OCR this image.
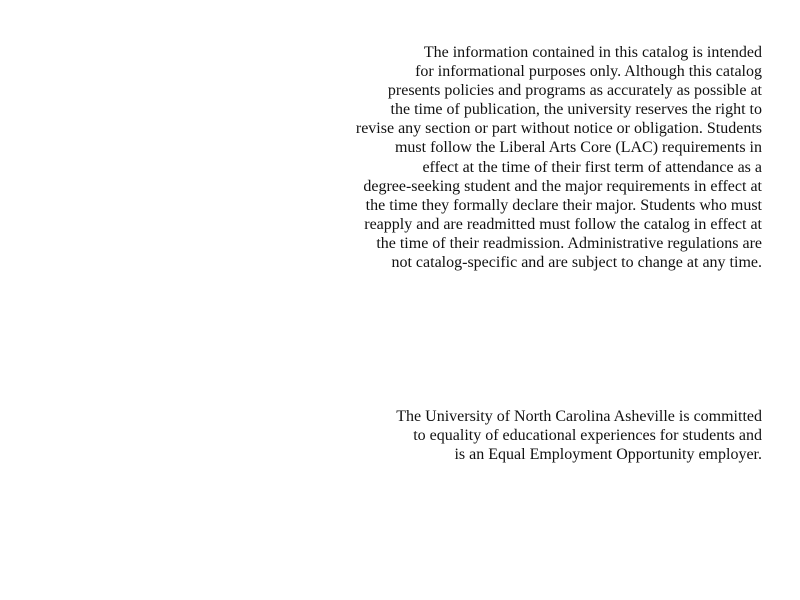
The information contained in this catalog is intended
for informational purposes only. Although this catalog
presents policies and programs as accurately as possible at
the time of publication, the university reserves the right to
revise any section or part without notice or obligation. Students
must follow the Liberal Arts Core (LAC) requirements in
effect at the time of their first term of attendance as a
degree-seeking student and the major requirements in effect at
the time they formally declare their major. Students who must
reapply and are readmitted must follow the catalog in effect at
the time of their readmission. Administrative regulations are
not catalog-specific and are subject to change at any time.

The University of North Carolina Asheville is committed
to equality of educational experiences for students and
is an Equal Employment Opportunity employer.
